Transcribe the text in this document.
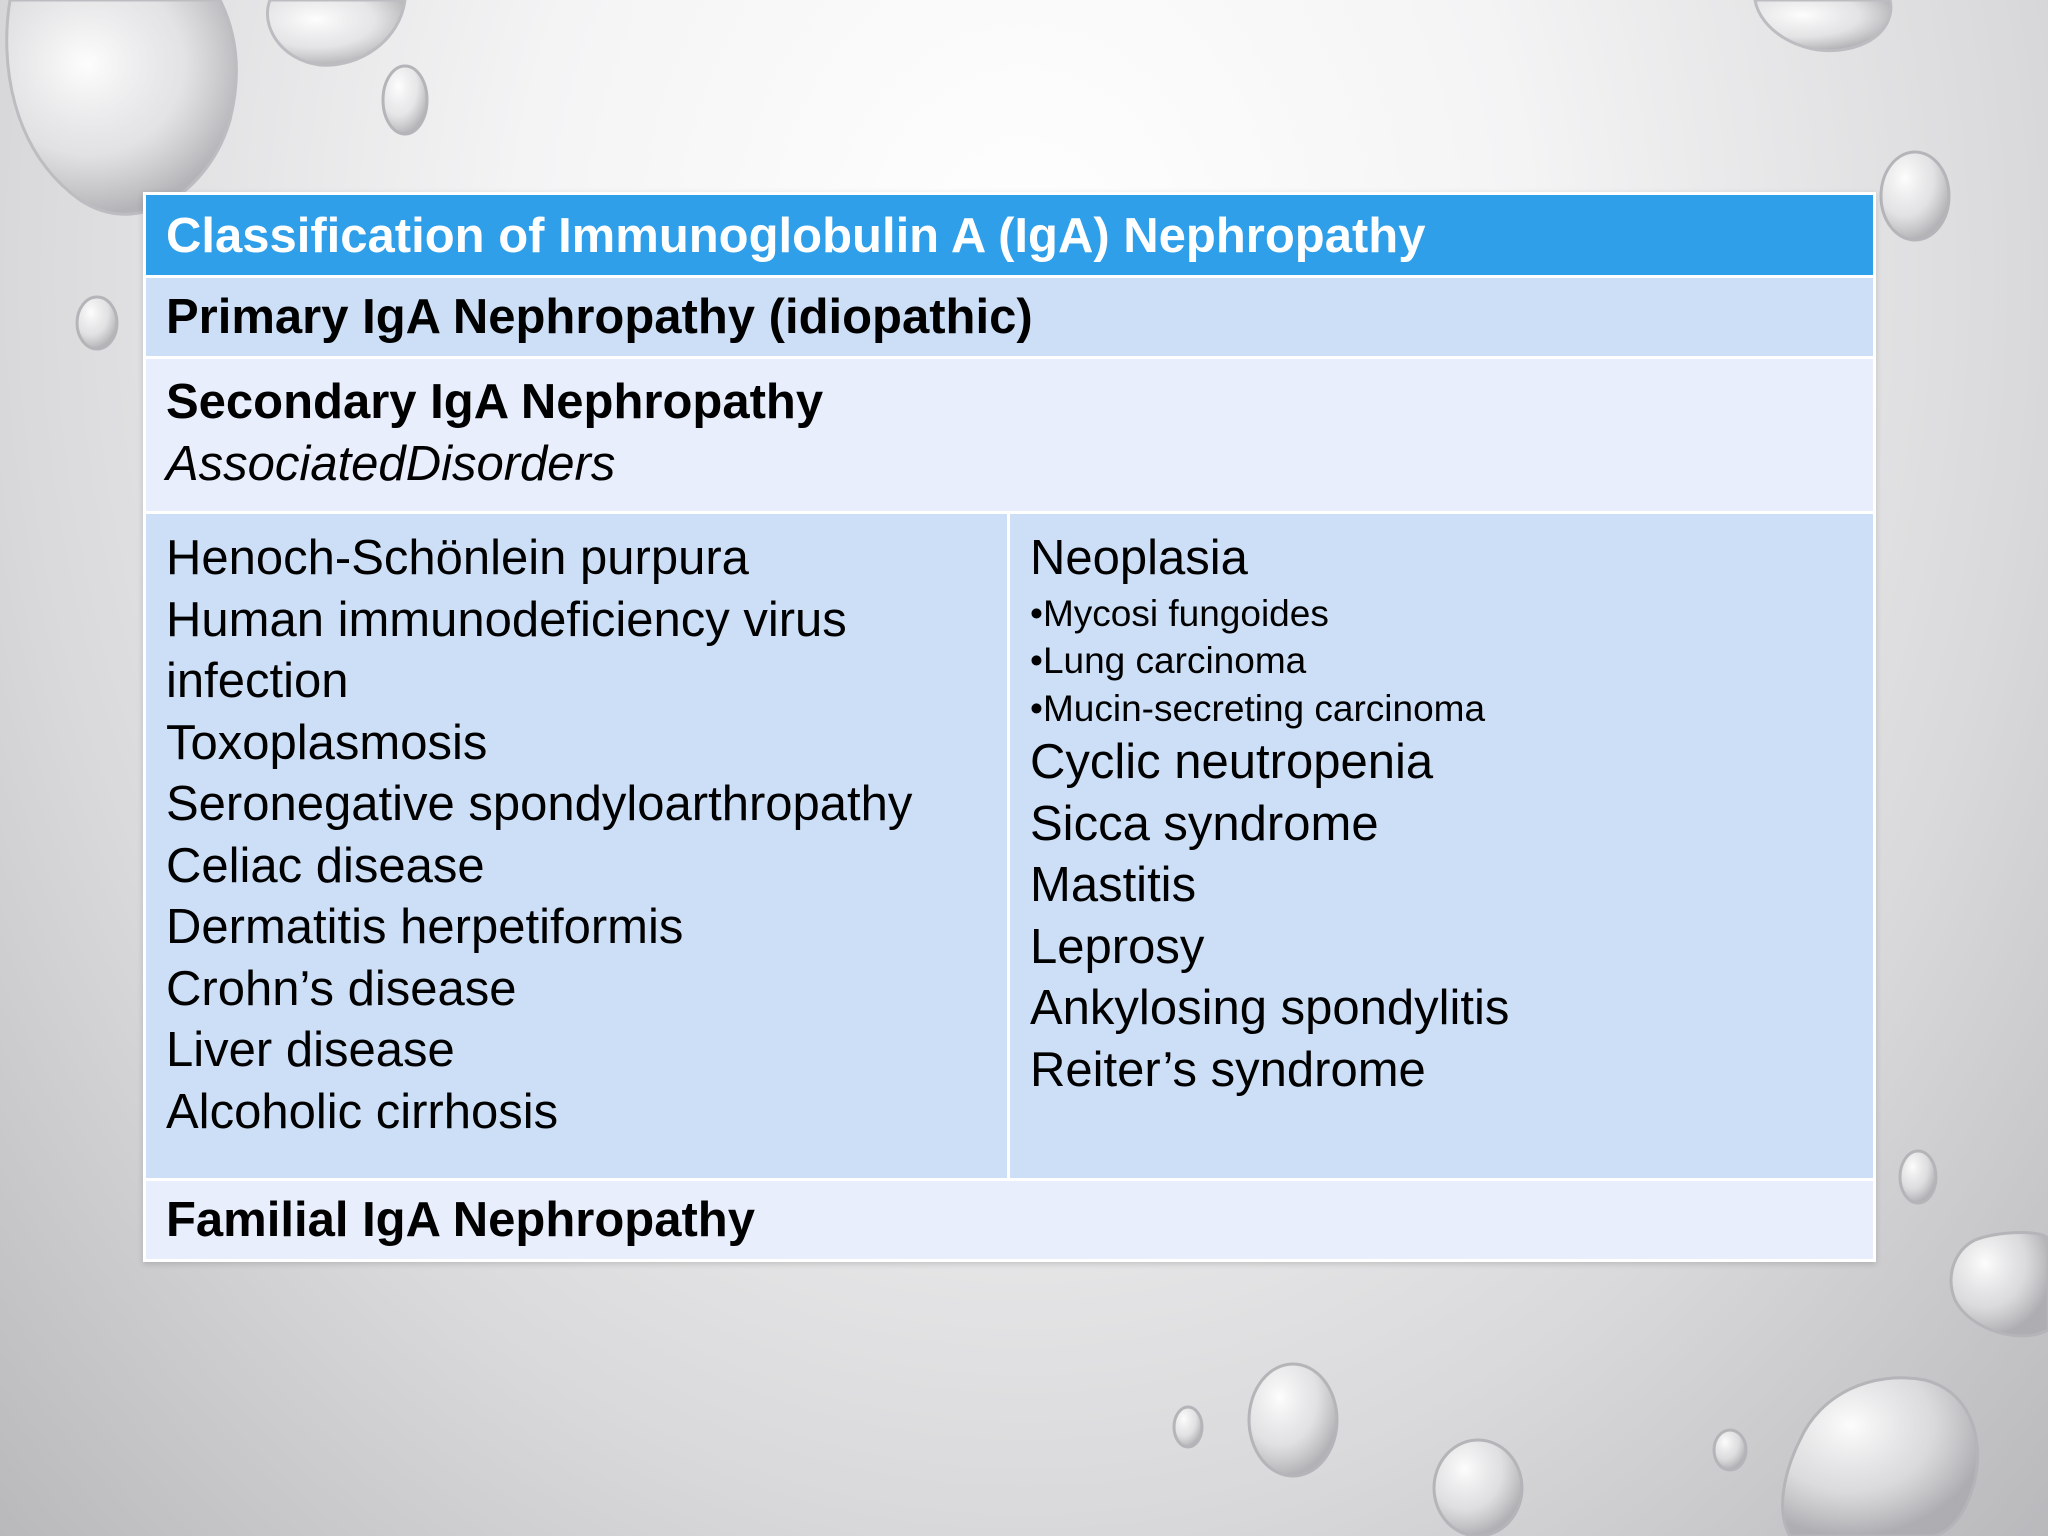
Classification of Immunoglobulin A (IgA) Nephropathy
Primary IgA Nephropathy (idiopathic)

Secondary IgA Nephropathy
AssociatedDisorders

Henoch-Schönlein purpura
Human immunodeficiency virus
infection
Toxoplasmosis
Seronegative spondyloarthropathy
Celiac disease
Dermatitis herpetiformis
Crohn’s disease
Liver disease
Alcoholic cirrhosis

Neoplasia
•Mycosi fungoides
•Lung carcinoma
•Mucin-secreting carcinoma
Cyclic neutropenia
Sicca syndrome
Mastitis
Leprosy
Ankylosing spondylitis
Reiter’s syndrome

Familial IgA Nephropathy
